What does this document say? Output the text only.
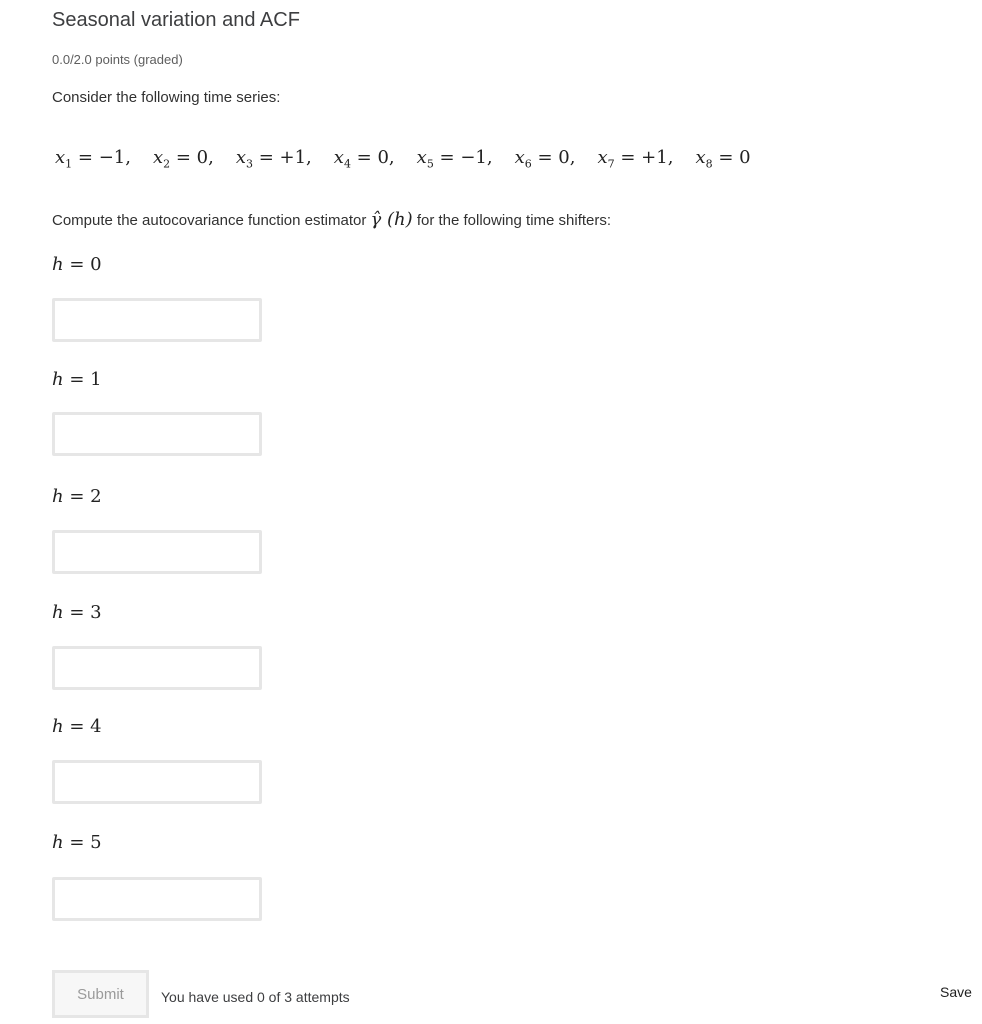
Seasonal variation and ACF
0.0/2.0 points (graded)
Consider the following time series:
$x_1 = -1$, $x_2 = 0$, $x_3 = +1$, $x_4 = 0$, $x_5 = -1$, $x_6 = 0$, $x_7 = +1$, $x_8 = 0$
Compute the autocovariance function estimator γ̂ (h) for the following time shifters:
h = 0
h = 1
h = 2
h = 3
h = 4
h = 5
Submit	You have used 0 of 3 attempts	Save
